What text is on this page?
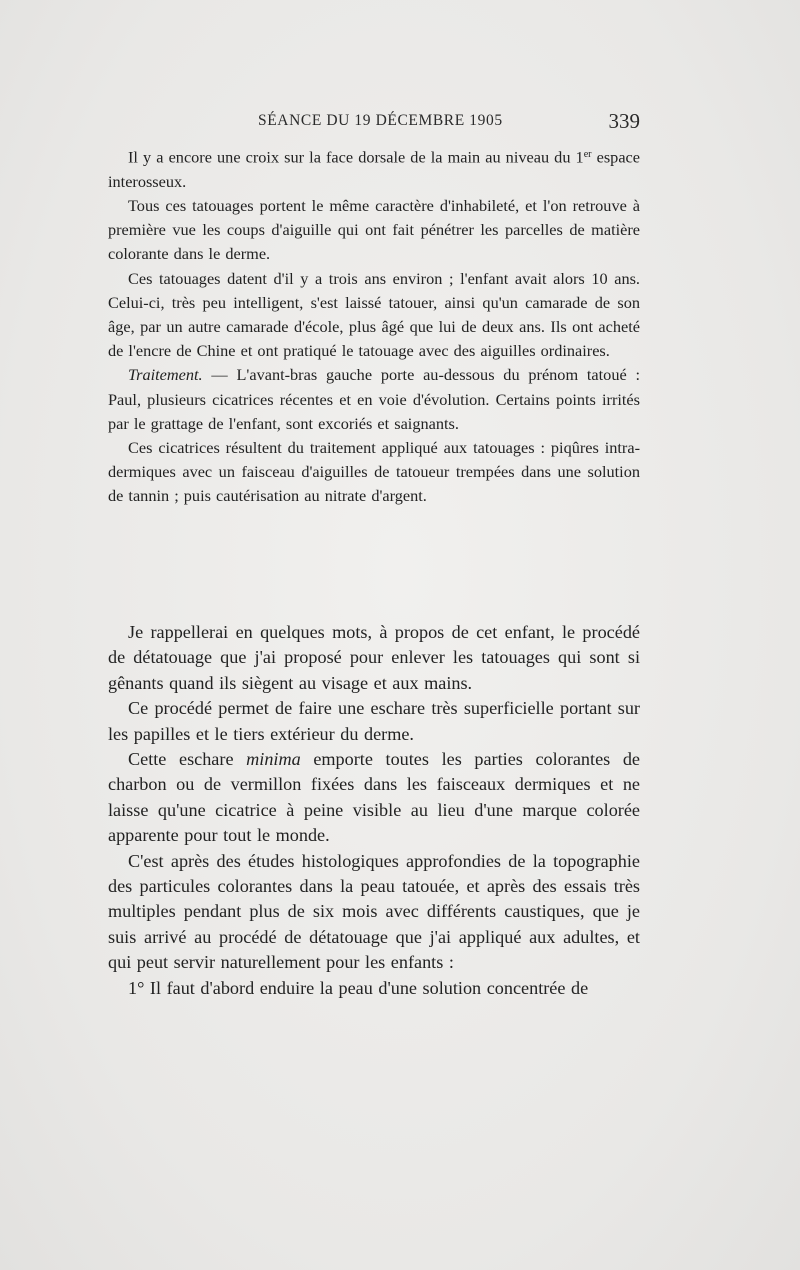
SÉANCE DU 19 DÉCEMBRE 1905	339

Il y a encore une croix sur la face dorsale de la main au niveau du 1er espace interosseux.

Tous ces tatouages portent le même caractère d'inhabileté, et l'on retrouve à première vue les coups d'aiguille qui ont fait pénétrer les parcelles de matière colorante dans le derme.

Ces tatouages datent d'il y a trois ans environ ; l'enfant avait alors 10 ans. Celui-ci, très peu intelligent, s'est laissé tatouer, ainsi qu'un camarade de son âge, par un autre camarade d'école, plus âgé que lui de deux ans. Ils ont acheté de l'encre de Chine et ont pratiqué le tatouage avec des aiguilles ordinaires.

Traitement. — L'avant-bras gauche porte au-dessous du prénom tatoué : Paul, plusieurs cicatrices récentes et en voie d'évolution. Certains points irrités par le grattage de l'enfant, sont excoriés et saignants.

Ces cicatrices résultent du traitement appliqué aux tatouages : piqûres intra-dermiques avec un faisceau d'aiguilles de tatoueur trempées dans une solution de tannin ; puis cautérisation au nitrate d'argent.

Je rappellerai en quelques mots, à propos de cet enfant, le procédé de détatouage que j'ai proposé pour enlever les tatouages qui sont si gênants quand ils siègent au visage et aux mains.

Ce procédé permet de faire une eschare très superficielle portant sur les papilles et le tiers extérieur du derme.

Cette eschare minima emporte toutes les parties colorantes de charbon ou de vermillon fixées dans les faisceaux dermiques et ne laisse qu'une cicatrice à peine visible au lieu d'une marque colorée apparente pour tout le monde.

C'est après des études histologiques approfondies de la topographie des particules colorantes dans la peau tatouée, et après des essais très multiples pendant plus de six mois avec différents caustiques, que je suis arrivé au procédé de détatouage que j'ai appliqué aux adultes, et qui peut servir naturellement pour les enfants :

1° Il faut d'abord enduire la peau d'une solution concentrée de
